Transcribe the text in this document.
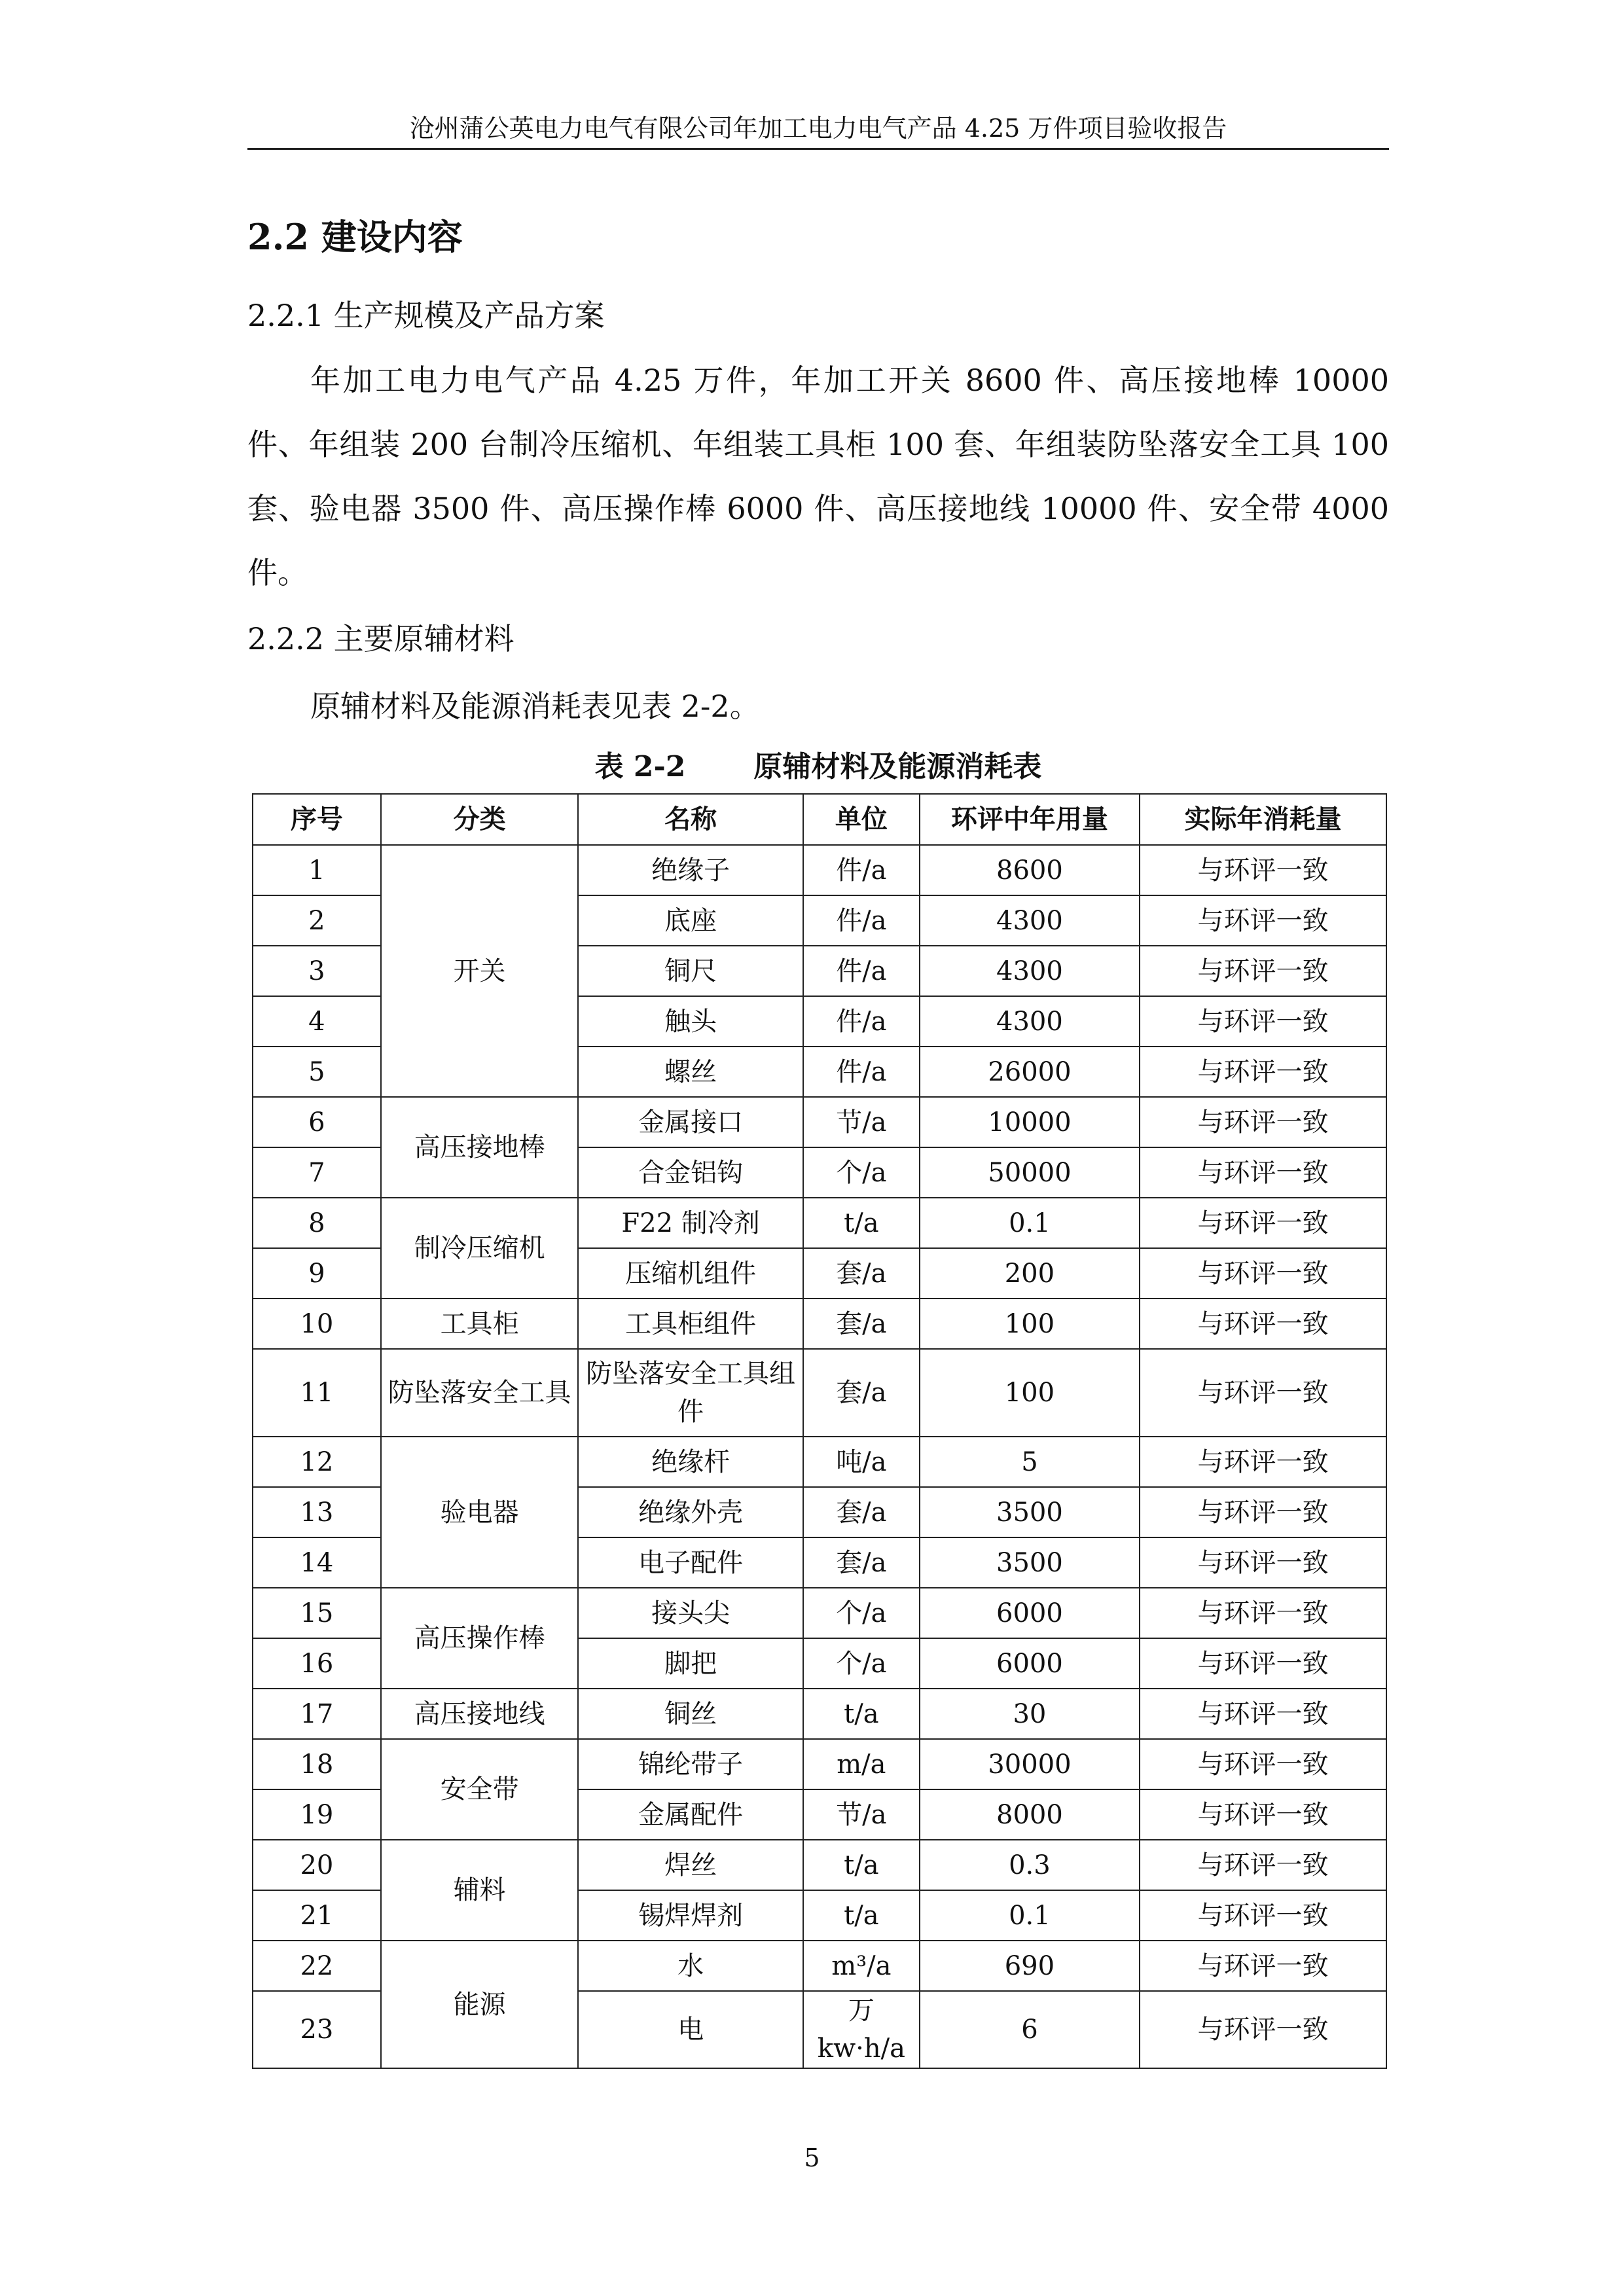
沧州蒲公英电力电气有限公司年加工电力电气产品 4.25 万件项目验收报告
2.2 建设内容
2.2.1 生产规模及产品方案
年加工电力电气产品 4.25 万件，年加工开关 8600 件、高压接地棒 10000 件、年组装 200 台制冷压缩机、年组装工具柜 100 套、年组装防坠落安全工具 100 套、验电器 3500 件、高压操作棒 6000 件、高压接地线 10000 件、安全带 4000 件。
2.2.2 主要原辅材料
原辅材料及能源消耗表见表 2-2。
表 2-2 原辅材料及能源消耗表
序号	分类	名称	单位	环评中年用量	实际年消耗量
1	开关	绝缘子	件/a	8600	与环评一致
2		底座	件/a	4300	与环评一致
3		铜尺	件/a	4300	与环评一致
4		触头	件/a	4300	与环评一致
5		螺丝	件/a	26000	与环评一致
6	高压接地棒	金属接口	节/a	10000	与环评一致
7		合金铝钩	个/a	50000	与环评一致
8	制冷压缩机	F22 制冷剂	t/a	0.1	与环评一致
9		压缩机组件	套/a	200	与环评一致
10	工具柜	工具柜组件	套/a	100	与环评一致
11	防坠落安全工具	防坠落安全工具组件	套/a	100	与环评一致
12	验电器	绝缘杆	吨/a	5	与环评一致
13		绝缘外壳	套/a	3500	与环评一致
14		电子配件	套/a	3500	与环评一致
15	高压操作棒	接头尖	个/a	6000	与环评一致
16		脚把	个/a	6000	与环评一致
17	高压接地线	铜丝	t/a	30	与环评一致
18	安全带	锦纶带子	m/a	30000	与环评一致
19		金属配件	节/a	8000	与环评一致
20	辅料	焊丝	t/a	0.3	与环评一致
21		锡焊焊剂	t/a	0.1	与环评一致
22	能源	水	m³/a	690	与环评一致
23		电	万 kw·h/a	6	与环评一致
5
